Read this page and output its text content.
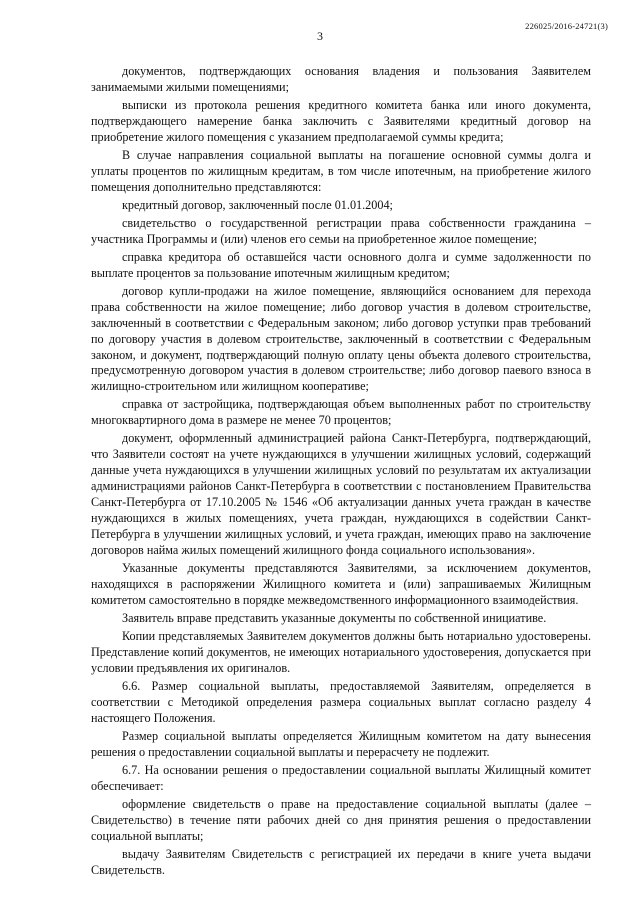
226025/2016-24721(3)
3

документов, подтверждающих основания владения и пользования Заявителем занимаемыми жилыми помещениями;

выписки из протокола решения кредитного комитета банка или иного документа, подтверждающего намерение банка заключить с Заявителями кредитный договор на приобретение жилого помещения с указанием предполагаемой суммы кредита;

В случае направления социальной выплаты на погашение основной суммы долга и уплаты процентов по жилищным кредитам, в том числе ипотечным, на приобретение жилого помещения дополнительно представляются:

кредитный договор, заключенный после 01.01.2004;

свидетельство о государственной регистрации права собственности гражданина – участника Программы и (или) членов его семьи на приобретенное жилое помещение;

справка кредитора об оставшейся части основного долга и сумме задолженности по выплате процентов за пользование ипотечным жилищным кредитом;

договор купли-продажи на жилое помещение, являющийся основанием для перехода права собственности на жилое помещение; либо договор участия в долевом строительстве, заключенный в соответствии с Федеральным законом; либо договор уступки прав требований по договору участия в долевом строительстве, заключенный в соответствии с Федеральным законом, и документ, подтверждающий полную оплату цены объекта долевого строительства, предусмотренную договором участия в долевом строительстве; либо договор паевого взноса в жилищно-строительном или жилищном кооперативе;

справка от застройщика, подтверждающая объем выполненных работ по строительству многоквартирного дома в размере не менее 70 процентов;

документ, оформленный администрацией района Санкт-Петербурга, подтверждающий, что Заявители состоят на учете нуждающихся в улучшении жилищных условий, содержащий данные учета нуждающихся в улучшении жилищных условий по результатам их актуализации администрациями районов Санкт-Петербурга в соответствии с постановлением Правительства Санкт-Петербурга от 17.10.2005 № 1546 «Об актуализации данных учета граждан в качестве нуждающихся в жилых помещениях, учета граждан, нуждающихся в содействии Санкт-Петербурга в улучшении жилищных условий, и учета граждан, имеющих право на заключение договоров найма жилых помещений жилищного фонда социального использования».

Указанные документы представляются Заявителями, за исключением документов, находящихся в распоряжении Жилищного комитета и (или) запрашиваемых Жилищным комитетом самостоятельно в порядке межведомственного информационного взаимодействия.

Заявитель вправе представить указанные документы по собственной инициативе.

Копии представляемых Заявителем документов должны быть нотариально удостоверены. Представление копий документов, не имеющих нотариального удостоверения, допускается при условии предъявления их оригиналов.

6.6. Размер социальной выплаты, предоставляемой Заявителям, определяется в соответствии с Методикой определения размера социальных выплат согласно разделу 4 настоящего Положения.

Размер социальной выплаты определяется Жилищным комитетом на дату вынесения решения о предоставлении социальной выплаты и перерасчету не подлежит.

6.7. На основании решения о предоставлении социальной выплаты Жилищный комитет обеспечивает:

оформление свидетельств о праве на предоставление социальной выплаты (далее – Свидетельство) в течение пяти рабочих дней со дня принятия решения о предоставлении социальной выплаты;

выдачу Заявителям Свидетельств с регистрацией их передачи в книге учета выдачи Свидетельств.
